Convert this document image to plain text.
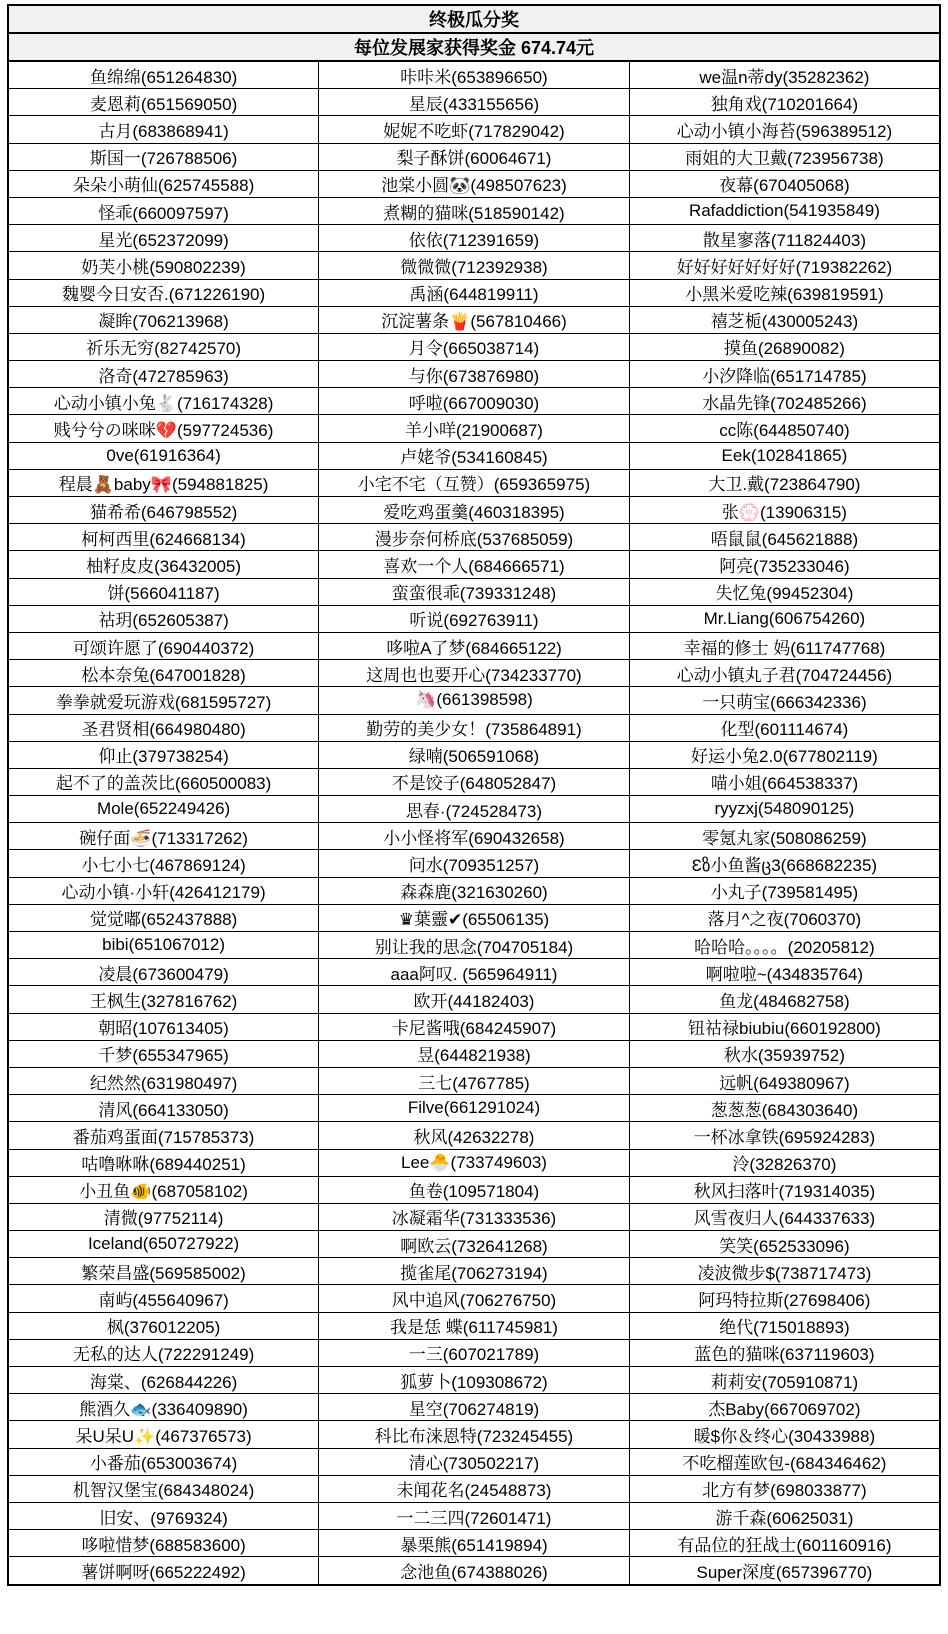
终极瓜分奖		
每位发展家获得奖金 674.74元		
鱼绵绵(651264830)	咔咔米(653896650)	we温n蒂dy(35282362)
麦恩莉(651569050)	星辰(433155656)	独角戏(710201664)
古月(683868941)	妮妮不吃虾(717829042)	心动小镇小海苔(596389512)
斯国一(726788506)	梨子酥饼(60064671)	雨姐的大卫戴(723956738)
朵朵小萌仙(625745588)	池棠小圆🐼(498507623)	夜幕(670405068)
怪乖(660097597)	煮糊的猫咪(518590142)	Rafaddiction(541935849)
星光(652372099)	依依(712391659)	散星寥落(711824403)
奶芙小桃(590802239)	微微微(712392938)	好好好好好好好(719382262)
魏婴今日安否.(671226190)	禹涵(644819911)	小黑米爱吃辣(639819591)
凝眸(706213968)	沉淀薯条🍟(567810466)	禧芝栀(430005243)
祈乐无穷(82742570)	月令(665038714)	摸鱼(26890082)
洛奇(472785963)	与你(673876980)	小汐降临(651714785)
心动小镇小兔🐇(716174328)	呼啦(667009030)	水晶先锋(702485266)
贱兮兮の咪咪💔(597724536)	羊小咩(21900687)	cc陈(644850740)
0ve(61916364)	卢姥爷(534160845)	Eek(102841865)
程晨🧸baby🎀(594881825)	小宅不宅（互赞）(659365975)	大卫.戴(723864790)
猫希希(646798552)	爱吃鸡蛋羹(460318395)	张💮(13906315)
柯柯西里(624668134)	漫步奈何桥底(537685059)	唔鼠鼠(645621888)
柚籽皮皮(36432005)	喜欢一个人(684666571)	阿亮(735233046)
饼(566041187)	蛮蛮很乖(739331248)	失忆兔(99452304)
祜玥(652605387)	听说(692763911)	Mr.Liang(606754260)
可颂许愿了(690440372)	哆啦A了梦(684665122)	幸福的修士 妈(611747768)
松本奈兔(647001828)	这周也也要开心(734233770)	心动小镇丸子君(704724456)
拳拳就爱玩游戏(681595727)	🦄(661398598)	一只萌宝(666342336)
圣君贤相(664980480)	勤劳的美少女！(735864891)	化型(601114674)
仰止(379738254)	绿喃(506591068)	好运小兔2.0(677802119)
起不了的盖茨比(660500083)	不是饺子(648052847)	喵小姐(664538337)
Mole(652249426)	思春·(724528473)	ryyzxj(548090125)
碗仔面🍜(713317262)	小小怪将军(690432658)	零氪丸家(508086259)
小七小七(467869124)	问水(709351257)	Ɛზ小鱼酱ც3(668682235)
心动小镇·小轩(426412179)	森森鹿(321630260)	小丸子(739581495)
觉觉嘟(652437888)	♛葉靈✔(65506135)	落月^之夜(7060370)
bibi(651067012)	别让我的思念(704705184)	哈哈哈。。。。(20205812)
凌晨(673600479)	aaa阿叹. (565964911)	啊啦啦~(434835764)
王枫生(327816762)	欧开(44182403)	鱼龙(484682758)
朝昭(107613405)	卡尼酱哦(684245907)	钮祜禄biubiu(660192800)
千梦(655347965)	昱(644821938)	秋水(35939752)
纪然然(631980497)	三七(4767785)	远帆(649380967)
清风(664133050)	Filve(661291024)	葱葱葱(684303640)
番茄鸡蛋面(715785373)	秋风(42632278)	一杯冰拿铁(695924283)
咕噜咻咻(689440251)	Lee🐣(733749603)	泠(32826370)
小丑鱼🐠(687058102)	鱼卷(109571804)	秋风扫落叶(719314035)
清微(97752114)	冰凝霜华(731333536)	风雪夜归人(644337633)
Iceland(650727922)	啊欧云(732641268)	笑笑(652533096)
繁荣昌盛(569585002)	揽雀尾(706273194)	凌波微步$(738717473)
南屿(455640967)	风中追风(706276750)	阿玛特拉斯(27698406)
枫(376012205)	我是恁 蝶(611745981)	绝代(715018893)
无私的达人(722291249)	一三(607021789)	蓝色的猫咪(637119603)
海棠、(626844226)	狐萝卜(109308672)	莉莉安(705910871)
熊酒久🐟(336409890)	星空(706274819)	杰Baby(667069702)
呆U呆U✨(467376573)	科比布涞恩特(723245455)	暖$你＆终心(30433988)
小番茄(653003674)	清心(730502217)	不吃榴莲欧包-(684346462)
机智汉堡宝(684348024)	未闻花名(24548873)	北方有梦(698033877)
旧安、(9769324)	一二三四(72601471)	游千森(60625031)
哆啦惜梦(688583600)	暴栗熊(651419894)	有品位的狂战士(601160916)
薯饼啊呀(665222492)	念池鱼(674388026)	Super深度(657396770)
